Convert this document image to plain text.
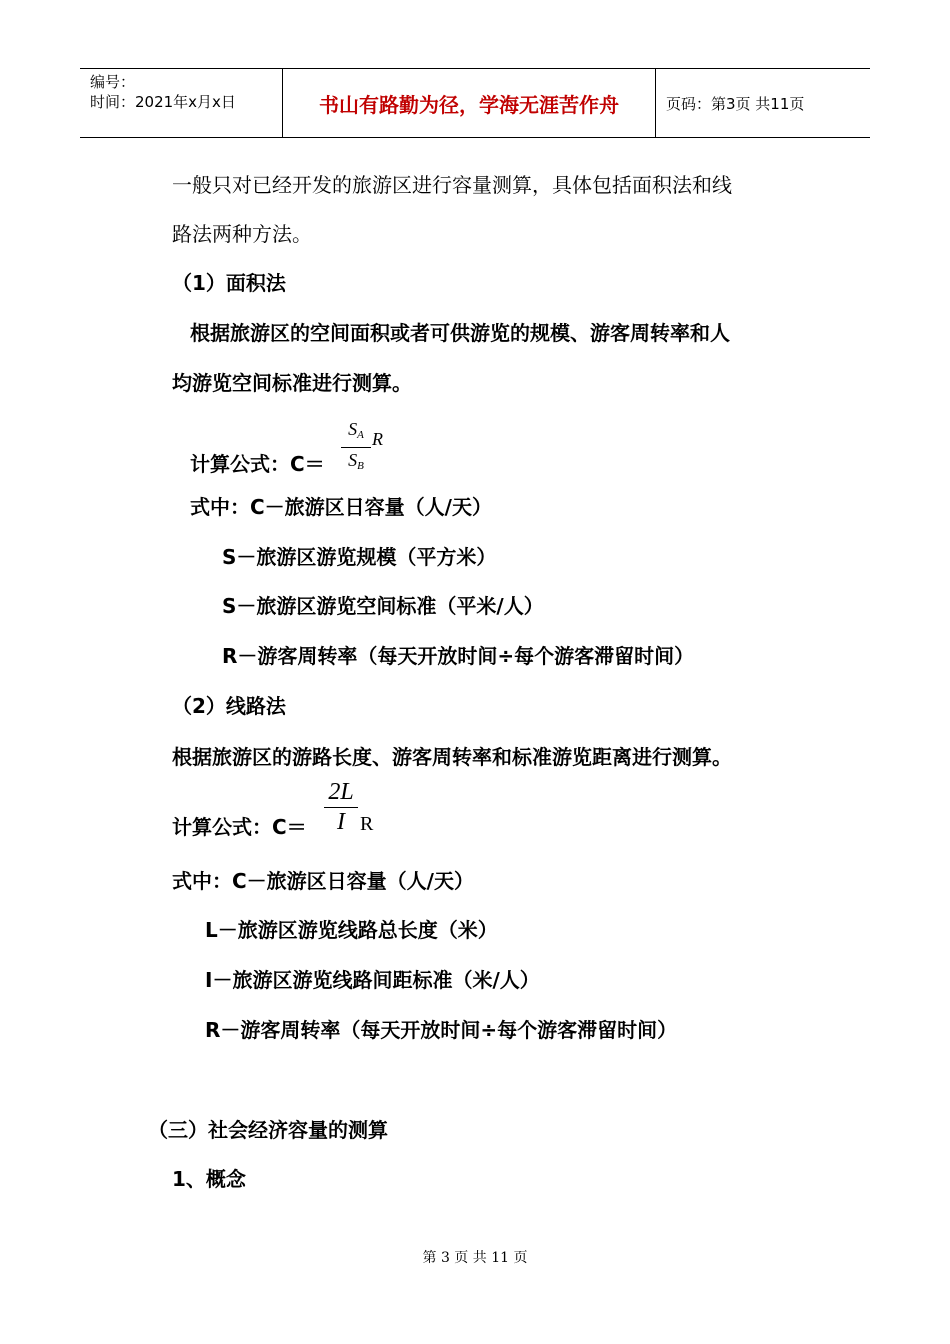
编号：
时间：2021年x月x日	书山有路勤为径，学海无涯苦作舟	页码：第3页 共11页
一般只对已经开发的旅游区进行容量测算，具体包括面积法和线
路法两种方法。
（1）面积法
根据旅游区的空间面积或者可供游览的规模、游客周转率和人
均游览空间标准进行测算。
计算公式：C＝
$S_A$
$S_B$
R
式中：C－旅游区日容量（人/天）
S－旅游区游览规模（平方米）
S－旅游区游览空间标准（平米/人）
R－游客周转率（每天开放时间÷每个游客滞留时间）
（2）线路法
根据旅游区的游路长度、游客周转率和标准游览距离进行测算。
计算公式：C＝
2L
I R
式中：C－旅游区日容量（人/天）
L－旅游区游览线路总长度（米）
I－旅游区游览线路间距标准（米/人）
R－游客周转率（每天开放时间÷每个游客滞留时间）
（三）社会经济容量的测算
1、概念
第 3 页 共 11 页
